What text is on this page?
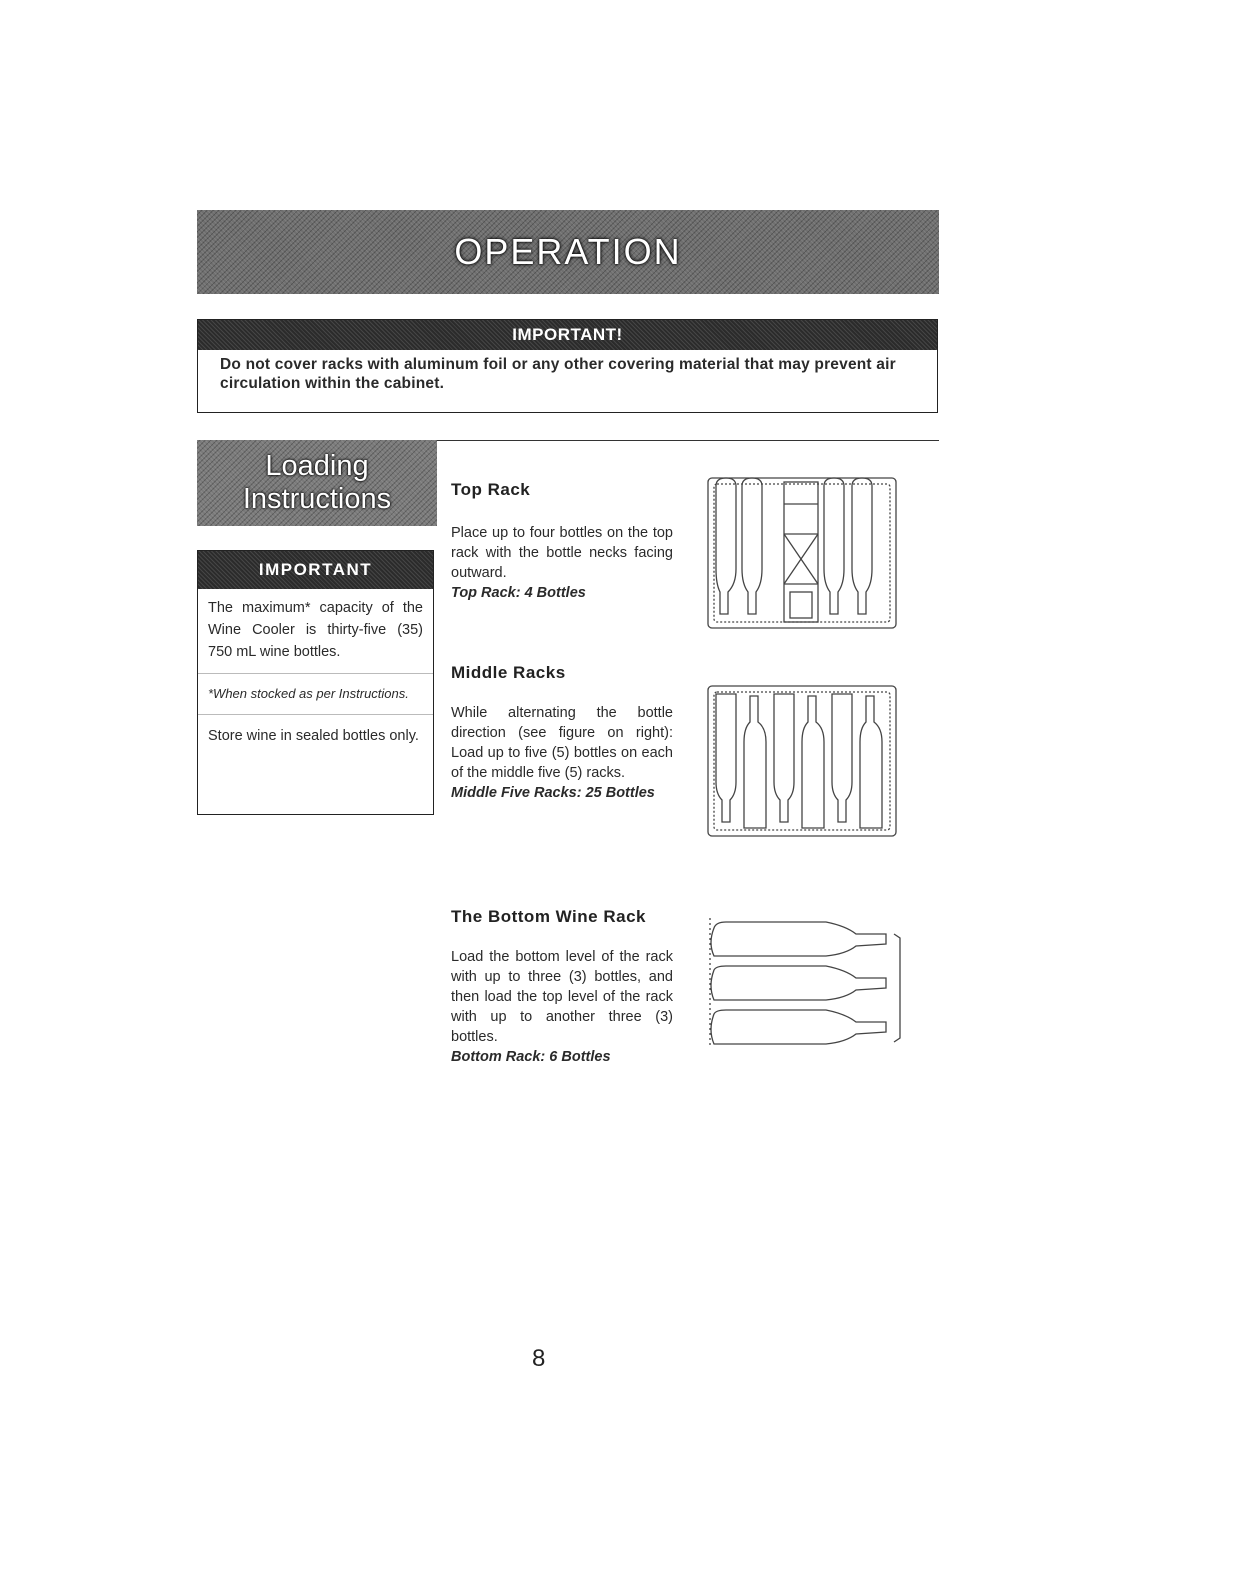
OPERATION
IMPORTANT!
Do not cover racks with aluminum foil or any other covering material that may prevent air circulation within the cabinet.
Loading
Instructions
IMPORTANT

The maximum* capacity of the Wine Cooler is thirty-five (35) 750 mL wine bottles.

*When stocked as per Instructions.

Store wine in sealed bottles only.

Top Rack
Place up to four bottles on the top rack with the bottle necks facing outward.
Top Rack: 4 Bottles
Middle Racks
While alternating the bottle direction (see figure on right): Load up to five (5) bottles on each of the middle five (5) racks.
Middle Five Racks: 25 Bottles
The Bottom Wine Rack
Load the bottom level of the rack with up to three (3) bottles, and then load the top level of the rack with up to another three (3) bottles.
Bottom Rack: 6 Bottles
8
